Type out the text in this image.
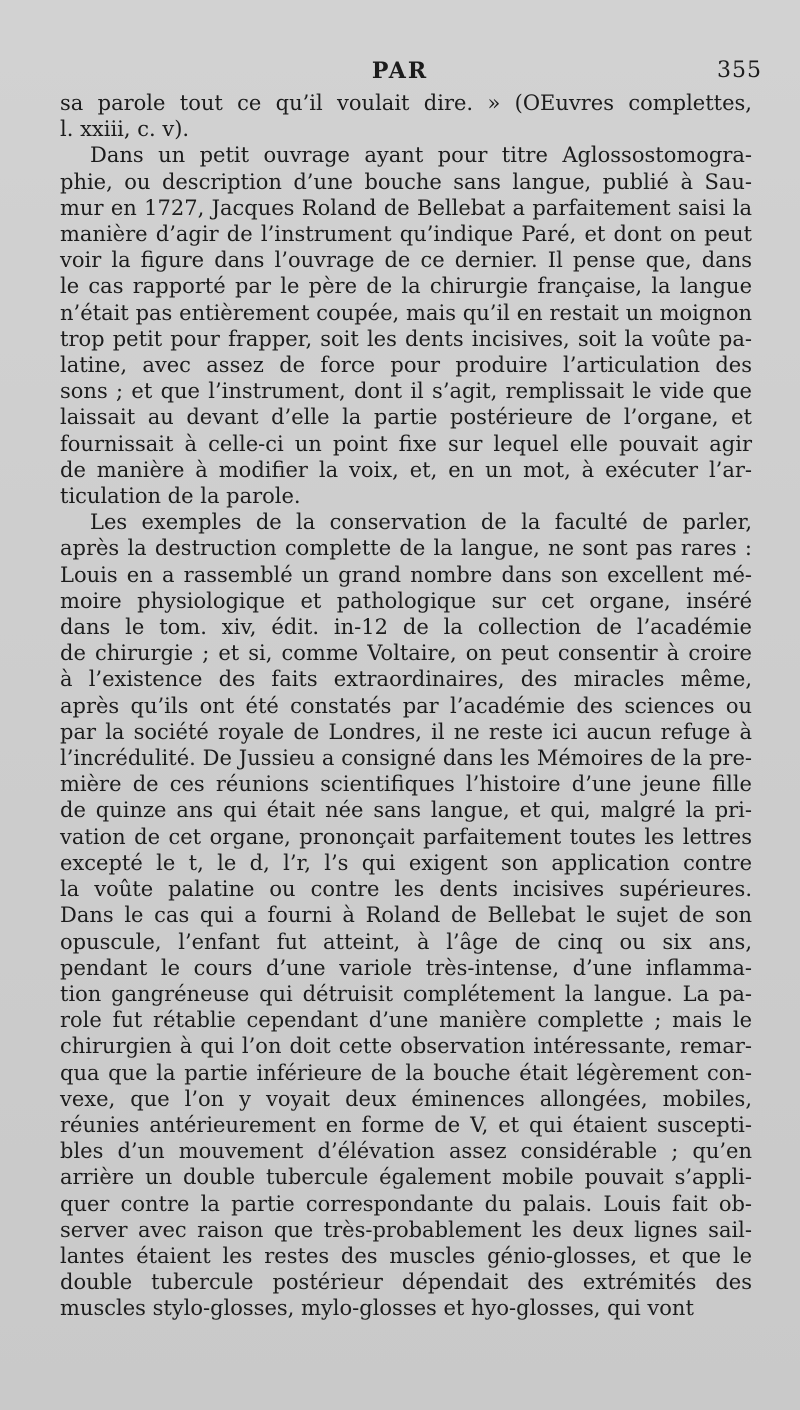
PAR	355
sa parole tout ce qu’il voulait dire. » (OEuvres complettes,
l. xxiii, c. v).
Dans un petit ouvrage ayant pour titre Aglossostomogra-
phie, ou description d’une bouche sans langue, publié à Sau-
mur en 1727, Jacques Roland de Bellebat a parfaitement saisi la
manière d’agir de l’instrument qu’indique Paré, et dont on peut
voir la figure dans l’ouvrage de ce dernier. Il pense que, dans
le cas rapporté par le père de la chirurgie française, la langue
n’était pas entièrement coupée, mais qu’il en restait un moignon
trop petit pour frapper, soit les dents incisives, soit la voûte pa-
latine, avec assez de force pour produire l’articulation des
sons ; et que l’instrument, dont il s’agit, remplissait le vide que
laissait au devant d’elle la partie postérieure de l’organe, et
fournissait à celle-ci un point fixe sur lequel elle pouvait agir
de manière à modifier la voix, et, en un mot, à exécuter l’ar-
ticulation de la parole.
Les exemples de la conservation de la faculté de parler,
après la destruction complette de la langue, ne sont pas rares :
Louis en a rassemblé un grand nombre dans son excellent mé-
moire physiologique et pathologique sur cet organe, inséré
dans le tom. xiv, édit. in-12 de la collection de l’académie
de chirurgie ; et si, comme Voltaire, on peut consentir à croire
à l’existence des faits extraordinaires, des miracles même,
après qu’ils ont été constatés par l’académie des sciences ou
par la société royale de Londres, il ne reste ici aucun refuge à
l’incrédulité. De Jussieu a consigné dans les Mémoires de la pre-
mière de ces réunions scientifiques l’histoire d’une jeune fille
de quinze ans qui était née sans langue, et qui, malgré la pri-
vation de cet organe, prononçait parfaitement toutes les lettres
excepté le t, le d, l’r, l’s qui exigent son application contre
la voûte palatine ou contre les dents incisives supérieures.
Dans le cas qui a fourni à Roland de Bellebat le sujet de son
opuscule, l’enfant fut atteint, à l’âge de cinq ou six ans,
pendant le cours d’une variole très-intense, d’une inflamma-
tion gangréneuse qui détruisit complétement la langue. La pa-
role fut rétablie cependant d’une manière complette ; mais le
chirurgien à qui l’on doit cette observation intéressante, remar-
qua que la partie inférieure de la bouche était légèrement con-
vexe, que l’on y voyait deux éminences allongées, mobiles,
réunies antérieurement en forme de V, et qui étaient suscepti-
bles d’un mouvement d’élévation assez considérable ; qu’en
arrière un double tubercule également mobile pouvait s’appli-
quer contre la partie correspondante du palais. Louis fait ob-
server avec raison que très-probablement les deux lignes sail-
lantes étaient les restes des muscles génio-glosses, et que le
double tubercule postérieur dépendait des extrémités des
muscles stylo-glosses, mylo-glosses et hyo-glosses, qui vont
